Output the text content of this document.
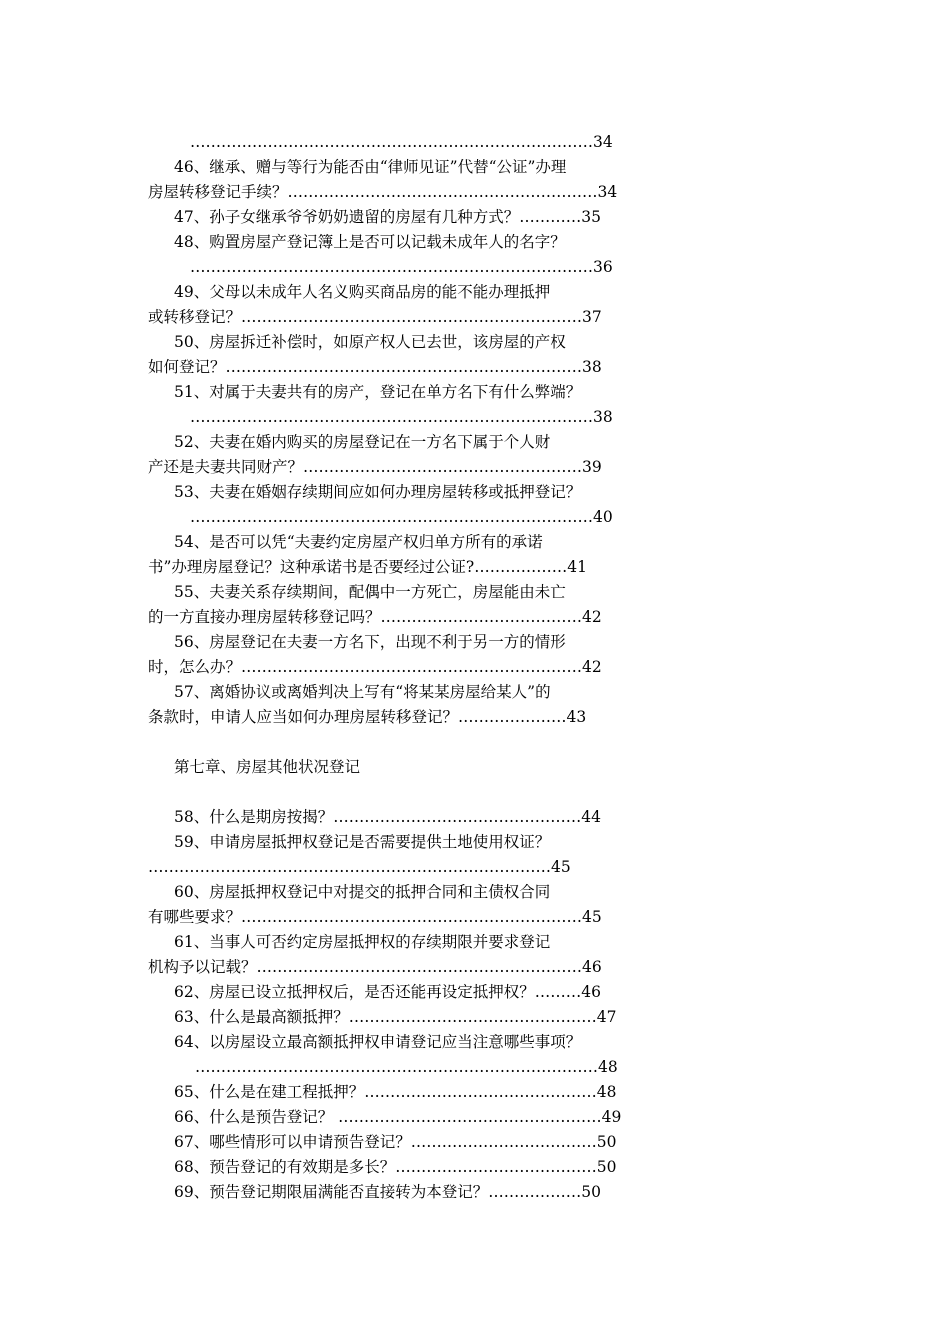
……………………………………………………………………34
46、继承、赠与等行为能否由“律师见证”代替“公证”办理
房屋转移登记手续？……………………………………………………34
47、孙子女继承爷爷奶奶遗留的房屋有几种方式？…………35
48、购置房屋产登记簿上是否可以记载未成年人的名字？
……………………………………………………………………36
49、父母以未成年人名义购买商品房的能不能办理抵押
或转移登记？…………………………………………………………37
50、房屋拆迁补偿时，如原产权人已去世，该房屋的产权
如何登记？……………………………………………………………38
51、对属于夫妻共有的房产，登记在单方名下有什么弊端？
……………………………………………………………………38
52、夫妻在婚内购买的房屋登记在一方名下属于个人财
产还是夫妻共同财产？………………………………………………39
53、夫妻在婚姻存续期间应如何办理房屋转移或抵押登记？
……………………………………………………………………40
54、是否可以凭“夫妻约定房屋产权归单方所有的承诺
书”办理房屋登记？这种承诺书是否要经过公证?………………41
55、夫妻关系存续期间，配偶中一方死亡，房屋能由未亡
的一方直接办理房屋转移登记吗？…………………………………42
56、房屋登记在夫妻一方名下，出现不利于另一方的情形
时，怎么办？…………………………………………………………42
57、离婚协议或离婚判决上写有“将某某房屋给某人”的
条款时，申请人应当如何办理房屋转移登记？…………………43
第七章、房屋其他状况登记
58、什么是期房按揭？…………………………………………44
59、申请房屋抵押权登记是否需要提供土地使用权证？
……………………………………………………………………45
60、房屋抵押权登记中对提交的抵押合同和主债权合同
有哪些要求？…………………………………………………………45
61、当事人可否约定房屋抵押权的存续期限并要求登记
机构予以记载？………………………………………………………46
62、房屋已设立抵押权后，是否还能再设定抵押权？………46
63、什么是最高额抵押？…………………………………………47
64、以房屋设立最高额抵押权申请登记应当注意哪些事项？
……………………………………………………………………48
65、什么是在建工程抵押？………………………………………48
66、什么是预告登记？ ……………………………………………49
67、哪些情形可以申请预告登记？………………………………50
68、预告登记的有效期是多长？…………………………………50
69、预告登记期限届满能否直接转为本登记？………………50
